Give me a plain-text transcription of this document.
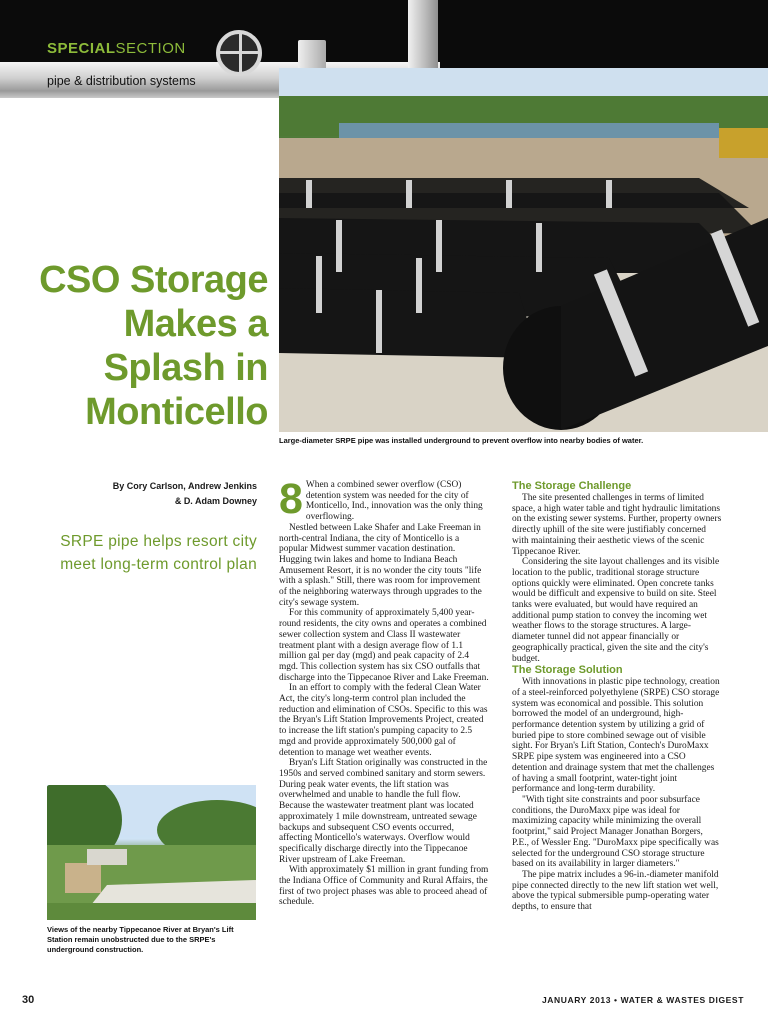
SPECIALSECTION
pipe & distribution systems
Large-diameter SRPE pipe was installed underground to prevent overflow into nearby bodies of water.
CSO Storage Makes a Splash in Monticello
By Cory Carlson, Andrew Jenkins
& D. Adam Downey
SRPE pipe helps resort city meet long-term control plan
Views of the nearby Tippecanoe River at Bryan's Lift Station remain unobstructed due to the SRPE's underground construction.
8 When a combined sewer overflow (CSO) detention system was needed for the city of Monticello, Ind., innovation was the only thing overflowing.

Nestled between Lake Shafer and Lake Freeman in north-central Indiana, the city of Monticello is a popular Midwest summer vacation destination. Hugging twin lakes and home to Indiana Beach Amusement Resort, it is no wonder the city touts "life with a splash." Still, there was room for improvement of the neighboring waterways through upgrades to the city's sewage system.

For this community of approximately 5,400 year-round residents, the city owns and operates a combined sewer collection system and Class II wastewater treatment plant with a design average flow of 1.1 million gal per day (mgd) and peak capacity of 2.4 mgd. This collection system has six CSO outfalls that discharge into the Tippecanoe River and Lake Freeman.

In an effort to comply with the federal Clean Water Act, the city's long-term control plan included the reduction and elimination of CSOs. Specific to this was the Bryan's Lift Station Improvements Project, created to increase the lift station's pumping capacity to 2.5 mgd and provide approximately 500,000 gal of detention to manage wet weather events.

Bryan's Lift Station originally was constructed in the 1950s and served combined sanitary and storm sewers. During peak water events, the lift station was overwhelmed and unable to handle the full flow. Because the wastewater treatment plant was located approximately 1 mile downstream, untreated sewage backups and subsequent CSO events occurred, affecting Monticello's waterways. Overflow would specifically discharge directly into the Tippecanoe River upstream of Lake Freeman.

With approximately $1 million in grant funding from the Indiana Office of Community and Rural Affairs, the first of two project phases was able to proceed ahead of schedule.

The Storage Challenge

The site presented challenges in terms of limited space, a high water table and tight hydraulic limitations on the existing sewer systems. Further, property owners directly uphill of the site were justifiably concerned with maintaining their aesthetic views of the scenic Tippecanoe River.

Considering the site layout challenges and its visible location to the public, traditional storage structure options quickly were eliminated. Open concrete tanks would be difficult and expensive to build on site. Steel tanks were evaluated, but would have required an additional pump station to convey the incoming wet weather flows to the storage structures. A large-diameter tunnel did not appear financially or geographically practical, given the site and the city's budget.

The Storage Solution

With innovations in plastic pipe technology, creation of a steel-reinforced polyethylene (SRPE) CSO storage system was economical and possible. This solution borrowed the model of an underground, high-performance detention system by utilizing a grid of buried pipe to store combined sewage out of visible sight. For Bryan's Lift Station, Contech's DuroMaxx SRPE pipe system was engineered into a CSO detention and drainage system that met the challenges of having a small footprint, water-tight joint performance and long-term durability.

"With tight site constraints and poor subsurface conditions, the DuroMaxx pipe was ideal for maximizing capacity while minimizing the overall footprint," said Project Manager Jonathan Borgers, P.E., of Wessler Eng. "DuroMaxx pipe specifically was selected for the underground CSO storage structure based on its availability in larger diameters."

The pipe matrix includes a 96-in.-diameter manifold pipe connected directly to the new lift station wet well, above the typical submersible pump-operating water depths, to ensure that

30	JANUARY 2013 • WATER & WASTES DIGEST
